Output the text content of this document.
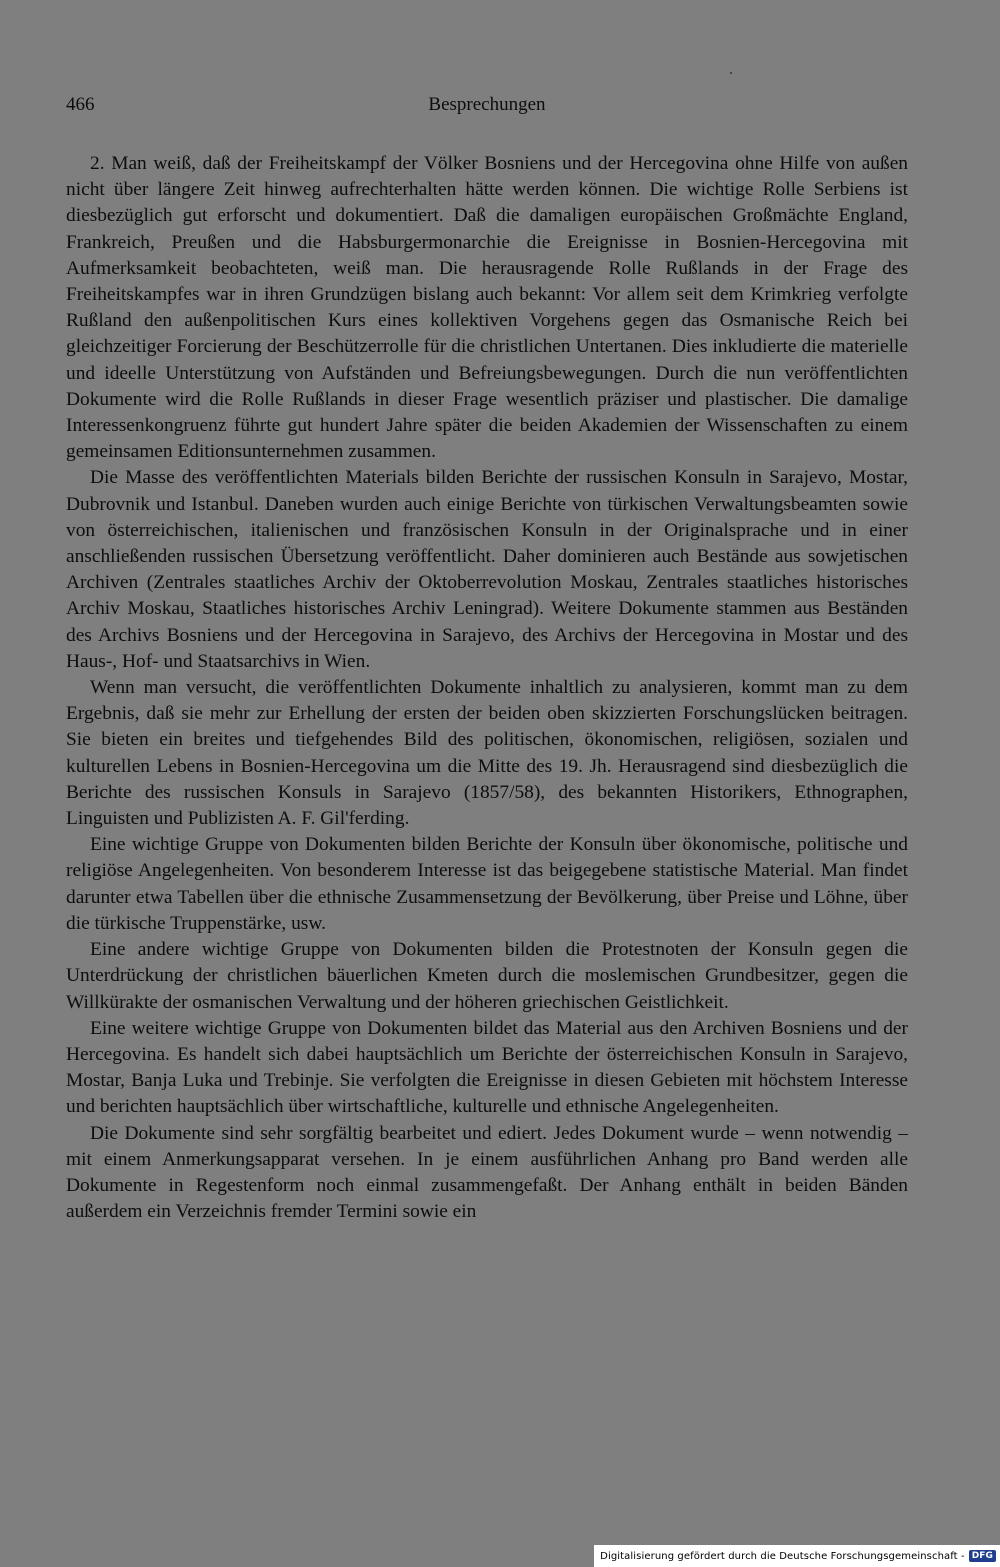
466	Besprechungen

2. Man weiß, daß der Freiheitskampf der Völker Bosniens und der Hercegovina ohne Hilfe von außen nicht über längere Zeit hinweg aufrechterhalten hätte werden können. Die wichtige Rolle Serbiens ist diesbezüglich gut erforscht und dokumentiert. Daß die damaligen europäischen Großmächte England, Frankreich, Preußen und die Habsburgermonarchie die Ereignisse in Bosnien-Hercegovina mit Aufmerksamkeit beobachteten, weiß man. Die herausragende Rolle Rußlands in der Frage des Freiheitskampfes war in ihren Grundzügen bislang auch bekannt: Vor allem seit dem Krimkrieg verfolgte Rußland den außenpolitischen Kurs eines kollektiven Vorgehens gegen das Osmanische Reich bei gleichzeitiger Forcierung der Beschützerrolle für die christlichen Untertanen. Dies inkludierte die materielle und ideelle Unterstützung von Aufständen und Befreiungsbewegungen. Durch die nun veröffentlichten Dokumente wird die Rolle Rußlands in dieser Frage wesentlich präziser und plastischer. Die damalige Interessenkongruenz führte gut hundert Jahre später die beiden Akademien der Wissenschaften zu einem gemeinsamen Editionsunternehmen zusammen.

Die Masse des veröffentlichten Materials bilden Berichte der russischen Konsuln in Sarajevo, Mostar, Dubrovnik und Istanbul. Daneben wurden auch einige Berichte von türkischen Verwaltungsbeamten sowie von österreichischen, italienischen und französischen Konsuln in der Originalsprache und in einer anschließenden russischen Übersetzung veröffentlicht. Daher dominieren auch Bestände aus sowjetischen Archiven (Zentrales staatliches Archiv der Oktoberrevolution Moskau, Zentrales staatliches historisches Archiv Moskau, Staatliches historisches Archiv Leningrad). Weitere Dokumente stammen aus Beständen des Archivs Bosniens und der Hercegovina in Sarajevo, des Archivs der Hercegovina in Mostar und des Haus-, Hof- und Staatsarchivs in Wien.

Wenn man versucht, die veröffentlichten Dokumente inhaltlich zu analysieren, kommt man zu dem Ergebnis, daß sie mehr zur Erhellung der ersten der beiden oben skizzierten Forschungslücken beitragen. Sie bieten ein breites und tiefgehendes Bild des politischen, ökonomischen, religiösen, sozialen und kulturellen Lebens in Bosnien-Hercegovina um die Mitte des 19. Jh. Herausragend sind diesbezüglich die Berichte des russischen Konsuls in Sarajevo (1857/58), des bekannten Historikers, Ethnographen, Linguisten und Publizisten A. F. Gil'ferding.

Eine wichtige Gruppe von Dokumenten bilden Berichte der Konsuln über ökonomische, politische und religiöse Angelegenheiten. Von besonderem Interesse ist das beigegebene statistische Material. Man findet darunter etwa Tabellen über die ethnische Zusammensetzung der Bevölkerung, über Preise und Löhne, über die türkische Truppenstärke, usw.

Eine andere wichtige Gruppe von Dokumenten bilden die Protestnoten der Konsuln gegen die Unterdrückung der christlichen bäuerlichen Kmeten durch die moslemischen Grundbesitzer, gegen die Willkürakte der osmanischen Verwaltung und der höheren griechischen Geistlichkeit.

Eine weitere wichtige Gruppe von Dokumenten bildet das Material aus den Archiven Bosniens und der Hercegovina. Es handelt sich dabei hauptsächlich um Berichte der österreichischen Konsuln in Sarajevo, Mostar, Banja Luka und Trebinje. Sie verfolgten die Ereignisse in diesen Gebieten mit höchstem Interesse und berichten hauptsächlich über wirtschaftliche, kulturelle und ethnische Angelegenheiten.

Die Dokumente sind sehr sorgfältig bearbeitet und ediert. Jedes Dokument wurde – wenn notwendig – mit einem Anmerkungsapparat versehen. In je einem ausführlichen Anhang pro Band werden alle Dokumente in Regestenform noch einmal zusammengefaßt. Der Anhang enthält in beiden Bänden außerdem ein Verzeichnis fremder Termini sowie ein

Digitalisierung gefördert durch die Deutsche Forschungsgemeinschaft - DFG
